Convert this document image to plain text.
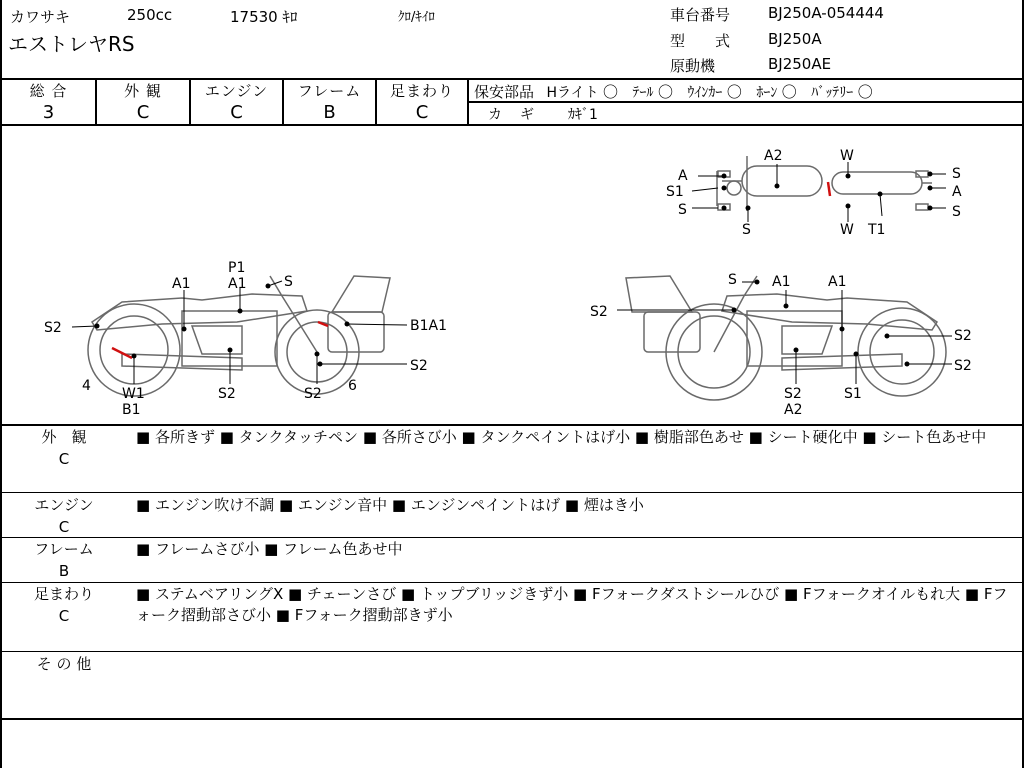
カワサキ	250cc	17530 ｷﾛ	ｸﾛ/ｷｲﾛ
エストレヤRS
車台番号	BJ250A-054444
型　　式	BJ250A
原動機	BJ250AE
総 合
3
外 観
C
エンジン
C
フレーム
B
足まわり
C
保安部品 Hライト 〇 ﾃｰﾙ 〇 ｳｲﾝｶｰ 〇 ﾎｰﾝ 〇 ﾊﾞｯﾃﾘｰ 〇
カ　ギ ｶｷﾞ1
A
S1
S
A2
S
W
S
A
S
W T1
P1
A1	S
A1
S2	B1A1
S2
4 W1
B1
S2	S2 6
S	A1	A1
S2
S2
S2
S2
A2
S1
外　観
C
■ 各所きず ■ タンクタッチペン ■ 各所さび小 ■ タンクペイントはげ小 ■ 樹脂部色あせ ■ シート硬化中 ■ シート色あせ中
エンジン
C
■ エンジン吹け不調 ■ エンジン音中 ■ エンジンペイントはげ ■ 煙はき小
フレーム
B
■ フレームさび小 ■ フレーム色あせ中
足まわり
C
■ ステムベアリングX ■ チェーンさび ■ トップブリッジきず小 ■ Fフォークダストシールひび ■ Fフォークオイルもれ大 ■ Fフォーク摺動部さび小 ■ Fフォーク摺動部きず小
そ の 他
